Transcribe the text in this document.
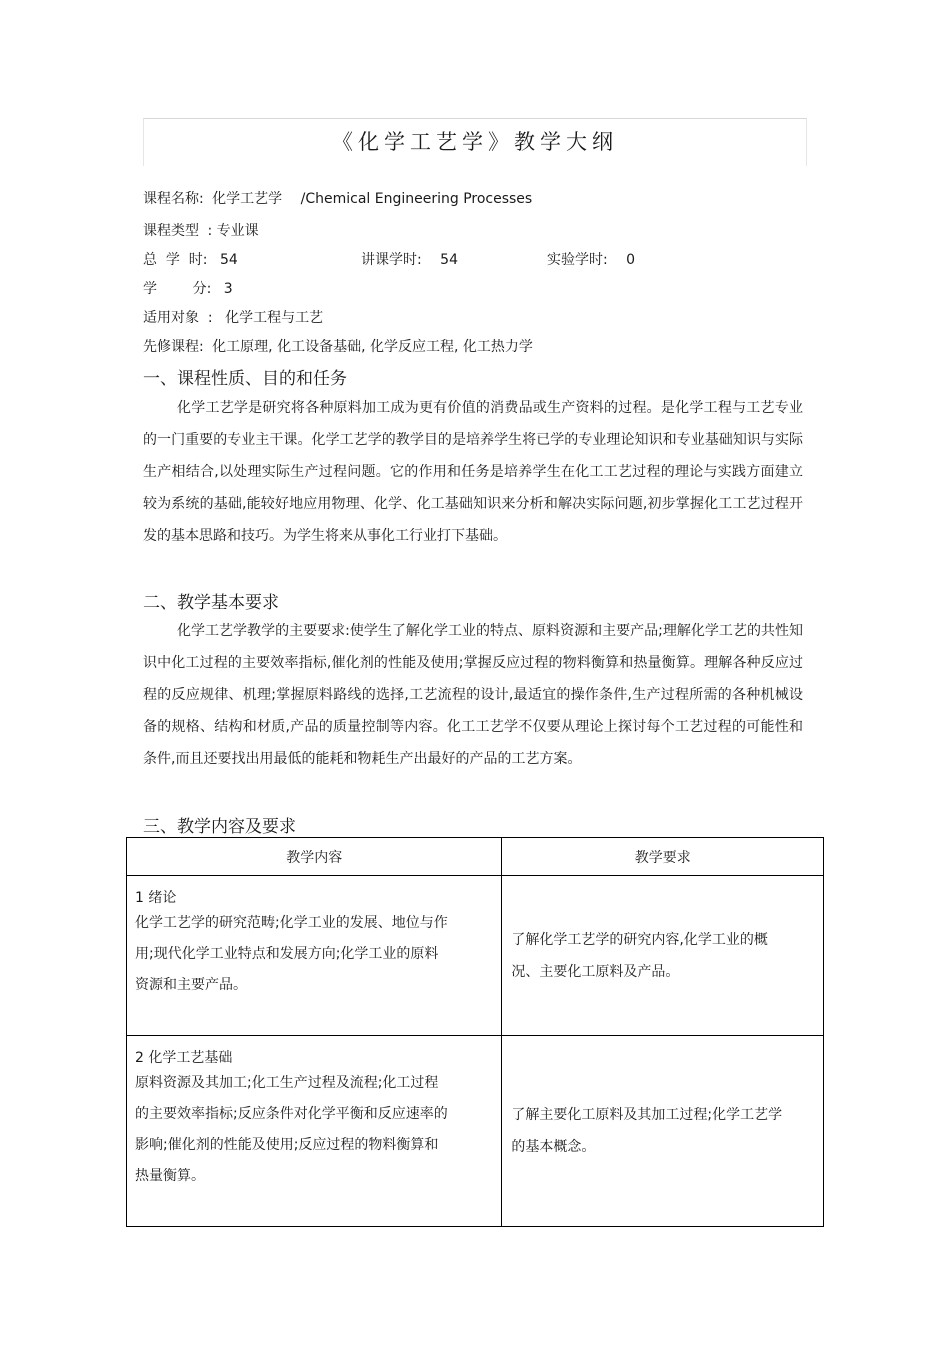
《化学工艺学》教学大纲
课程名称: 化学工艺学 /Chemical Engineering Processes
课程类型 : 专业课
总  学  时: 54	讲课学时: 54	实验学时: 0
学        分: 3
适用对象  : 化学工程与工艺
先修课程: 化工原理, 化工设备基础, 化学反应工程, 化工热力学
一、课程性质、目的和任务

化学工艺学是研究将各种原料加工成为更有价值的消费品或生产资料的过程。是化学工程与工艺专业的一门重要的专业主干课。化学工艺学的教学目的是培养学生将已学的专业理论知识和专业基础知识与实际生产相结合,以处理实际生产过程问题。它的作用和任务是培养学生在化工工艺过程的理论与实践方面建立较为系统的基础,能较好地应用物理、化学、化工基础知识来分析和解决实际问题,初步掌握化工工艺过程开发的基本思路和技巧。为学生将来从事化工行业打下基础。

二、教学基本要求

化学工艺学教学的主要要求:使学生了解化学工业的特点、原料资源和主要产品;理解化学工艺的共性知识中化工过程的主要效率指标,催化剂的性能及使用;掌握反应过程的物料衡算和热量衡算。理解各种反应过程的反应规律、机理;掌握原料路线的选择,工艺流程的设计,最适宜的操作条件,生产过程所需的各种机械设备的规格、结构和材质,产品的质量控制等内容。化工工艺学不仅要从理论上探讨每个工艺过程的可能性和条件,而且还要找出用最低的能耗和物耗生产出最好的产品的工艺方案。

三、教学内容及要求
教学内容	教学要求

1 绪论
化学工艺学的研究范畴;化学工业的发展、地位与作用;现代化学工业特点和发展方向;化学工业的原料资源和主要产品。	了解化学工艺学的研究内容,化学工业的概况、主要化工原料及产品。

2 化学工艺基础
原料资源及其加工;化工生产过程及流程;化工过程的主要效率指标;反应条件对化学平衡和反应速率的影响;催化剂的性能及使用;反应过程的物料衡算和热量衡算。	了解主要化工原料及其加工过程;化学工艺学的基本概念。
